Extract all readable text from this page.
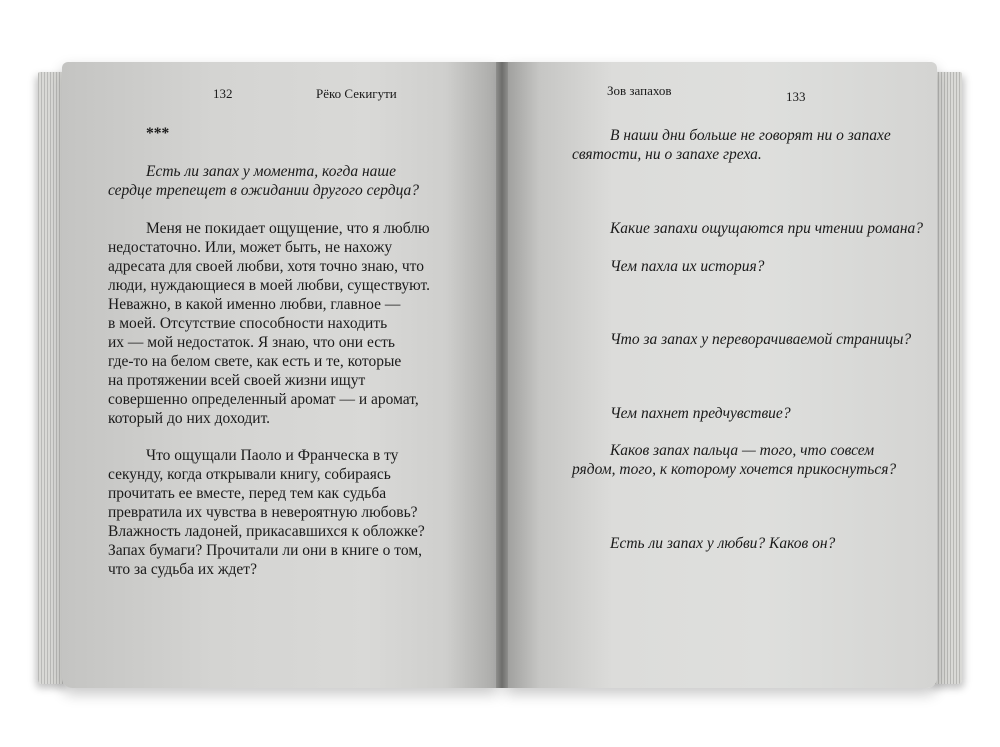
132	Рёко Секигути
***
Есть ли запах у момента, когда наше
сердце трепещет в ожидании другого сердца?
Меня не покидает ощущение, что я люблю
недостаточно. Или, может быть, не нахожу
адресата для своей любви, хотя точно знаю, что
люди, нуждающиеся в моей любви, существуют.
Неважно, в какой именно любви, главное —
в моей. Отсутствие способности находить
их — мой недостаток. Я знаю, что они есть
где-то на белом свете, как есть и те, которые
на протяжении всей своей жизни ищут
совершенно определенный аромат — и аромат,
который до них доходит.
Что ощущали Паоло и Франческа в ту
секунду, когда открывали книгу, собираясь
прочитать ее вместе, перед тем как судьба
превратила их чувства в невероятную любовь?
Влажность ладоней, прикасавшихся к обложке?
Запах бумаги? Прочитали ли они в книге о том,
что за судьба их ждет?
Зов запахов	133
В наши дни больше не говорят ни о запахе
святости, ни о запахе греха.
Какие запахи ощущаются при чтении романа?
Чем пахла их история?
Что за запах у переворачиваемой страницы?
Чем пахнет предчувствие?
Каков запах пальца — того, что совсем
рядом, того, к которому хочется прикоснуться?
Есть ли запах у любви? Каков он?
